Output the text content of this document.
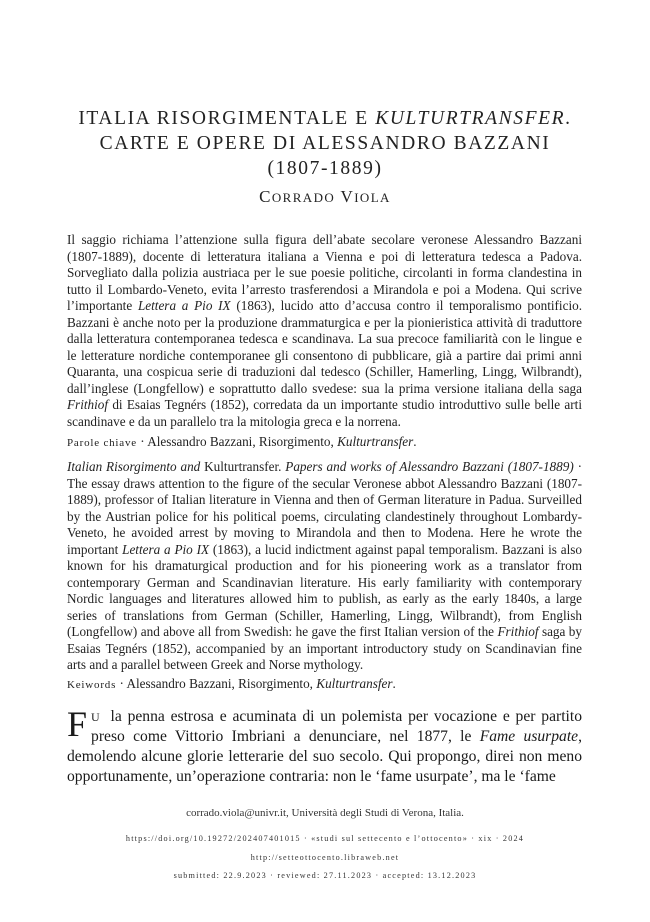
ITALIA RISORGIMENTALE E KULTURTRANSFER.
CARTE E OPERE DI ALESSANDRO BAZZANI
(1807-1889)
CORRADO VIOLA

Il saggio richiama l’attenzione sulla figura dell’abate secolare veronese Alessandro Bazzani (1807-1889), docente di letteratura italiana a Vienna e poi di letteratura tedesca a Padova. Sorvegliato dalla polizia austriaca per le sue poesie politiche, circolanti in forma clandestina in tutto il Lombardo-Veneto, evita l’arresto trasferendosi a Mirandola e poi a Modena. Qui scrive l’importante Lettera a Pio IX (1863), lucido atto d’accusa contro il temporalismo pontificio. Bazzani è anche noto per la produzione drammaturgica e per la pionieristica attività di traduttore dalla letteratura contemporanea tedesca e scandinava. La sua precoce familiarità con le lingue e le letterature nordiche contemporanee gli consentono di pubblicare, già a partire dai primi anni Quaranta, una cospicua serie di traduzioni dal tedesco (Schiller, Hamerling, Lingg, Wilbrandt), dall’inglese (Longfellow) e soprattutto dallo svedese: sua la prima versione italiana della saga Frithiof di Esaias Tegnérs (1852), corredata da un importante studio introduttivo sulle belle arti scandinave e da un parallelo tra la mitologia greca e la norrena.

Parole chiave · Alessandro Bazzani, Risorgimento, Kulturtransfer.

Italian Risorgimento and Kulturtransfer. Papers and works of Alessandro Bazzani (1807-1889) · The essay draws attention to the figure of the secular Veronese abbot Alessandro Bazzani (1807-1889), professor of Italian literature in Vienna and then of German literature in Padua. Surveilled by the Austrian police for his political poems, circulating clandestinely throughout Lombardy-Veneto, he avoided arrest by moving to Mirandola and then to Modena. Here he wrote the important Lettera a Pio IX (1863), a lucid indictment against papal temporalism. Bazzani is also known for his dramaturgical production and for his pioneering work as a translator from contemporary German and Scandinavian literature. His early familiarity with contemporary Nordic languages and literatures allowed him to publish, as early as the early 1840s, a large series of translations from German (Schiller, Hamerling, Lingg, Wilbrandt), from English (Longfellow) and above all from Swedish: he gave the first Italian version of the Frithiof saga by Esaias Tegnérs (1852), accompanied by an important introductory study on Scandinavian fine arts and a parallel between Greek and Norse mythology.

Keiwords · Alessandro Bazzani, Risorgimento, Kulturtransfer.

F U la penna estrosa e acuminata di un polemista per vocazione e per partito preso come Vittorio Imbriani a denunciare, nel 1877, le Fame usurpate, demolendo alcune glorie letterarie del suo secolo. Qui propongo, direi non meno opportunamente, un’operazione contraria: non le ‘fame usurpate’, ma le ‘fame

corrado.viola@univr.it, Università degli Studi di Verona, Italia.
https://doi.org/10.19272/202407401015 · «studi sul settecento e l’ottocento» · xix · 2024
http://setteottocento.libraweb.net
submitted: 22.9.2023 · reviewed: 27.11.2023 · accepted: 13.12.2023
